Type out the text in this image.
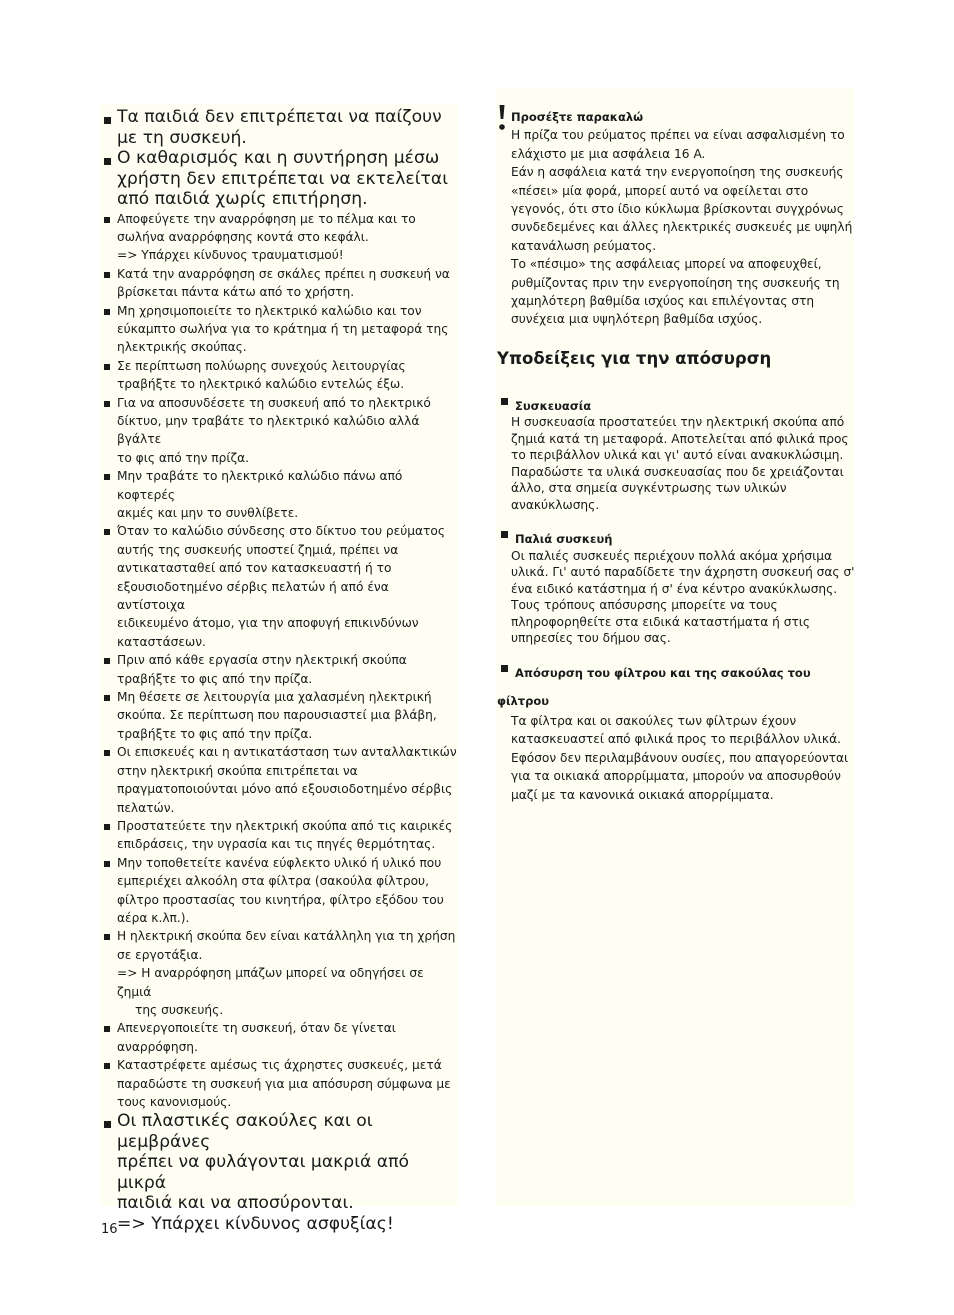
Τα παιδιά δεν επιτρέπεται να παίζουν
με τη συσκευή.
Ο καθαρισμός και η συντήρηση μέσω
χρήστη δεν επιτρέπεται να εκτελείται
από παιδιά χωρίς επιτήρηση.
Αποφεύγετε την αναρρόφηση με το πέλμα και το
σωλήνα αναρρόφησης κοντά στο κεφάλι.
=> Υπάρχει κίνδυνος τραυματισμού!
Κατά την αναρρόφηση σε σκάλες πρέπει η συσκευή να
βρίσκεται πάντα κάτω από το χρήστη.
Μη χρησιμοποιείτε το ηλεκτρικό καλώδιο και τον
εύκαμπτο σωλήνα για το κράτημα ή τη μεταφορά της
ηλεκτρικής σκούπας.
Σε περίπτωση πολύωρης συνεχούς λειτουργίας
τραβήξτε το ηλεκτρικό καλώδιο εντελώς έξω.
Για να αποσυνδέσετε τη συσκευή από το ηλεκτρικό
δίκτυο, μην τραβάτε το ηλεκτρικό καλώδιο αλλά βγάλτε
το φις από την πρίζα.
Μην τραβάτε το ηλεκτρικό καλώδιο πάνω από κοφτερές
ακμές και μην το συνθλίβετε.
Όταν το καλώδιο σύνδεσης στο δίκτυο του ρεύματος
αυτής της συσκευής υποστεί ζημιά, πρέπει να
αντικατασταθεί από τον κατασκευαστή ή το
εξουσιοδοτημένο σέρβις πελατών ή από ένα αντίστοιχα
ειδικευμένο άτομο, για την αποφυγή επικινδύνων
καταστάσεων.
Πριν από κάθε εργασία στην ηλεκτρική σκούπα
τραβήξτε το φις από την πρίζα.
Μη θέσετε σε λειτουργία μια χαλασμένη ηλεκτρική
σκούπα. Σε περίπτωση που παρουσιαστεί μια βλάβη,
τραβήξτε το φις από την πρίζα.
Οι επισκευές και η αντικατάσταση των ανταλλακτικών
στην ηλεκτρική σκούπα επιτρέπεται να
πραγματοποιούνται μόνο από εξουσιοδοτημένο σέρβις
πελατών.
Προστατεύετε την ηλεκτρική σκούπα από τις καιρικές
επιδράσεις, την υγρασία και τις πηγές θερμότητας.
Μην τοποθετείτε κανένα εύφλεκτο υλικό ή υλικό που
εμπεριέχει αλκοόλη στα φίλτρα (σακούλα φίλτρου,
φίλτρο προστασίας του κινητήρα, φίλτρο εξόδου του
αέρα κ.λπ.).
Η ηλεκτρική σκούπα δεν είναι κατάλληλη για τη χρήση
σε εργοτάξια.
=> Η αναρρόφηση μπάζων μπορεί να οδηγήσει σε ζημιά
της συσκευής.
Απενεργοποιείτε τη συσκευή, όταν δε γίνεται
αναρρόφηση.
Καταστρέφετε αμέσως τις άχρηστες συσκευές, μετά
παραδώστε τη συσκευή για μια απόσυρση σύμφωνα με
τους κανονισμούς.
Οι πλαστικές σακούλες και οι μεμβράνες
πρέπει να φυλάγονται μακριά από μικρά
παιδιά και να αποσύρονται.
=> Υπάρχει κίνδυνος ασφυξίας!
Προσέξτε παρακαλώ
Η πρίζα του ρεύματος πρέπει να είναι ασφαλισμένη το
ελάχιστο με μια ασφάλεια 16 A.
Εάν η ασφάλεια κατά την ενεργοποίηση της συσκευής
«πέσει» μία φορά, μπορεί αυτό να οφείλεται στο
γεγονός, ότι στο ίδιο κύκλωμα βρίσκονται συγχρόνως
συνδεδεμένες και άλλες ηλεκτρικές συσκευές με υψηλή
κατανάλωση ρεύματος.
Το «πέσιμο» της ασφάλειας μπορεί να αποφευχθεί,
ρυθμίζοντας πριν την ενεργοποίηση της συσκευής τη
χαμηλότερη βαθμίδα ισχύος και επιλέγοντας στη
συνέχεια μια υψηλότερη βαθμίδα ισχύος.
Υποδείξεις για την απόσυρση
Συσκευασία
Η συσκευασία προστατεύει την ηλεκτρική σκούπα από
ζημιά κατά τη μεταφορά. Αποτελείται από φιλικά προς
το περιβάλλον υλικά και γι' αυτό είναι ανακυκλώσιμη.
Παραδώστε τα υλικά συσκευασίας που δε χρειάζονται
άλλο, στα σημεία συγκέντρωσης των υλικών
ανακύκλωσης.
Παλιά συσκευή
Οι παλιές συσκευές περιέχουν πολλά ακόμα χρήσιμα
υλικά. Γι' αυτό παραδίδετε την άχρηστη συσκευή σας σ'
ένα ειδικό κατάστημα ή σ' ένα κέντρο ανακύκλωσης.
Τους τρόπους απόσυρσης μπορείτε να τους
πληροφορηθείτε στα ειδικά καταστήματα ή στις
υπηρεσίες του δήμου σας.
Απόσυρση του φίλτρου και της σακούλας του
φίλτρου
Τα φίλτρα και οι σακούλες των φίλτρων έχουν
κατασκευαστεί από φιλικά προς το περιβάλλον υλικά.
Εφόσον δεν περιλαμβάνουν ουσίες, που απαγορεύονται
για τα οικιακά απορρίμματα, μπορούν να αποσυρθούν
μαζί με τα κανονικά οικιακά απορρίμματα.
16
